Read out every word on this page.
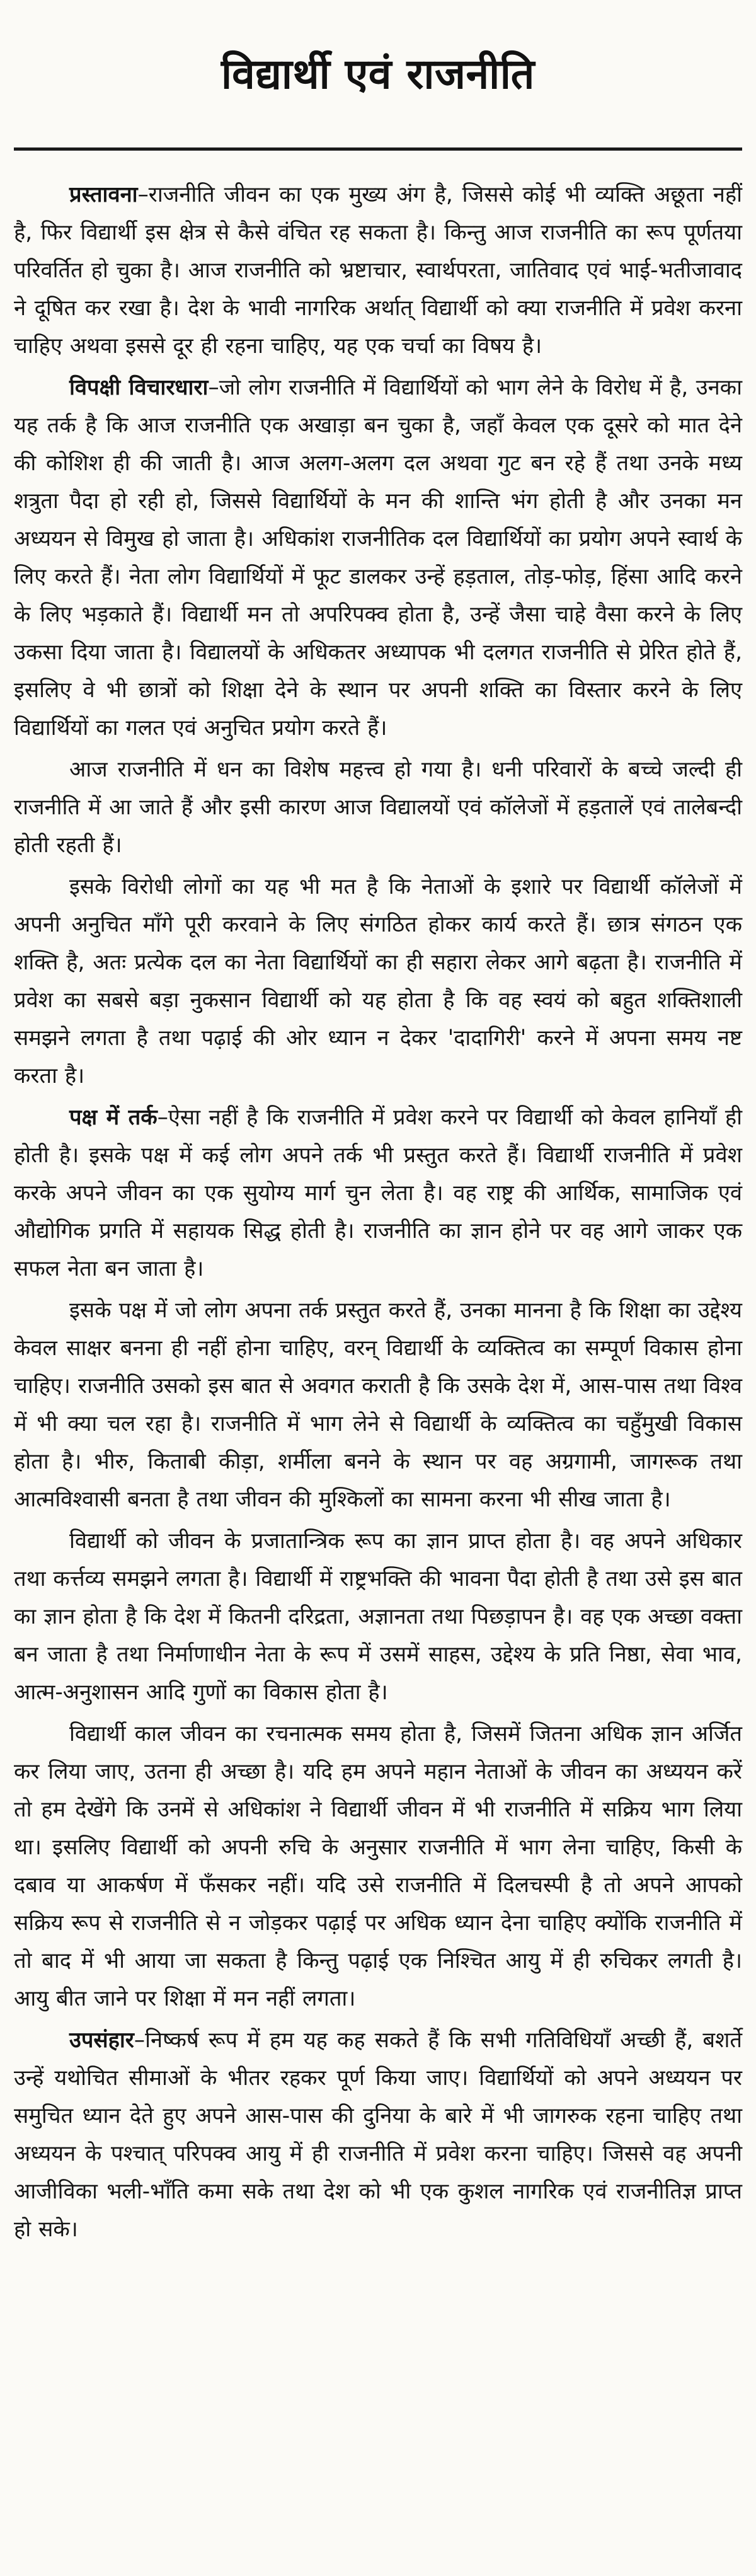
विद्यार्थी एवं राजनीति

प्रस्तावना–राजनीति जीवन का एक मुख्य अंग है, जिससे कोई भी व्यक्ति अछूता नहीं है, फिर विद्यार्थी इस क्षेत्र से कैसे वंचित रह सकता है। किन्तु आज राजनीति का रूप पूर्णतया परिवर्तित हो चुका है। आज राजनीति को भ्रष्टाचार, स्वार्थपरता, जातिवाद एवं भाई-भतीजावाद ने दूषित कर रखा है। देश के भावी नागरिक अर्थात् विद्यार्थी को क्या राजनीति में प्रवेश करना चाहिए अथवा इससे दूर ही रहना चाहिए, यह एक चर्चा का विषय है।

विपक्षी विचारधारा–जो लोग राजनीति में विद्यार्थियों को भाग लेने के विरोध में है, उनका यह तर्क है कि आज राजनीति एक अखाड़ा बन चुका है, जहाँ केवल एक दूसरे को मात देने की कोशिश ही की जाती है। आज अलग-अलग दल अथवा गुट बन रहे हैं तथा उनके मध्य शत्रुता पैदा हो रही हो, जिससे विद्यार्थियों के मन की शान्ति भंग होती है और उनका मन अध्ययन से विमुख हो जाता है। अधिकांश राजनीतिक दल विद्यार्थियों का प्रयोग अपने स्वार्थ के लिए करते हैं। नेता लोग विद्यार्थियों में फूट डालकर उन्हें हड़ताल, तोड़-फोड़, हिंसा आदि करने के लिए भड़काते हैं। विद्यार्थी मन तो अपरिपक्व होता है, उन्हें जैसा चाहे वैसा करने के लिए उकसा दिया जाता है। विद्यालयों के अधिकतर अध्यापक भी दलगत राजनीति से प्रेरित होते हैं, इसलिए वे भी छात्रों को शिक्षा देने के स्थान पर अपनी शक्ति का विस्तार करने के लिए विद्यार्थियों का गलत एवं अनुचित प्रयोग करते हैं।

आज राजनीति में धन का विशेष महत्त्व हो गया है। धनी परिवारों के बच्चे जल्दी ही राजनीति में आ जाते हैं और इसी कारण आज विद्यालयों एवं कॉलेजों में हड़तालें एवं तालेबन्दी होती रहती हैं।

इसके विरोधी लोगों का यह भी मत है कि नेताओं के इशारे पर विद्यार्थी कॉलेजों में अपनी अनुचित माँगे पूरी करवाने के लिए संगठित होकर कार्य करते हैं। छात्र संगठन एक शक्ति है, अतः प्रत्येक दल का नेता विद्यार्थियों का ही सहारा लेकर आगे बढ़ता है। राजनीति में प्रवेश का सबसे बड़ा नुकसान विद्यार्थी को यह होता है कि वह स्वयं को बहुत शक्तिशाली समझने लगता है तथा पढ़ाई की ओर ध्यान न देकर 'दादागिरी' करने में अपना समय नष्ट करता है।

पक्ष में तर्क–ऐसा नहीं है कि राजनीति में प्रवेश करने पर विद्यार्थी को केवल हानियाँ ही होती है। इसके पक्ष में कई लोग अपने तर्क भी प्रस्तुत करते हैं। विद्यार्थी राजनीति में प्रवेश करके अपने जीवन का एक सुयोग्य मार्ग चुन लेता है। वह राष्ट्र की आर्थिक, सामाजिक एवं औद्योगिक प्रगति में सहायक सिद्ध होती है। राजनीति का ज्ञान होने पर वह आगे जाकर एक सफल नेता बन जाता है।

इसके पक्ष में जो लोग अपना तर्क प्रस्तुत करते हैं, उनका मानना है कि शिक्षा का उद्देश्य केवल साक्षर बनना ही नहीं होना चाहिए, वरन् विद्यार्थी के व्यक्तित्व का सम्पूर्ण विकास होना चाहिए। राजनीति उसको इस बात से अवगत कराती है कि उसके देश में, आस-पास तथा विश्व में भी क्या चल रहा है। राजनीति में भाग लेने से विद्यार्थी के व्यक्तित्व का चहुँमुखी विकास होता है। भीरु, किताबी कीड़ा, शर्मीला बनने के स्थान पर वह अग्रगामी, जागरूक तथा आत्मविश्वासी बनता है तथा जीवन की मुश्किलों का सामना करना भी सीख जाता है।

विद्यार्थी को जीवन के प्रजातान्त्रिक रूप का ज्ञान प्राप्त होता है। वह अपने अधिकार तथा कर्त्तव्य समझने लगता है। विद्यार्थी में राष्ट्रभक्ति की भावना पैदा होती है तथा उसे इस बात का ज्ञान होता है कि देश में कितनी दरिद्रता, अज्ञानता तथा पिछड़ापन है। वह एक अच्छा वक्ता बन जाता है तथा निर्माणाधीन नेता के रूप में उसमें साहस, उद्देश्य के प्रति निष्ठा, सेवा भाव, आत्म-अनुशासन आदि गुणों का विकास होता है।

विद्यार्थी काल जीवन का रचनात्मक समय होता है, जिसमें जितना अधिक ज्ञान अर्जित कर लिया जाए, उतना ही अच्छा है। यदि हम अपने महान नेताओं के जीवन का अध्ययन करें तो हम देखेंगे कि उनमें से अधिकांश ने विद्यार्थी जीवन में भी राजनीति में सक्रिय भाग लिया था। इसलिए विद्यार्थी को अपनी रुचि के अनुसार राजनीति में भाग लेना चाहिए, किसी के दबाव या आकर्षण में फँसकर नहीं। यदि उसे राजनीति में दिलचस्पी है तो अपने आपको सक्रिय रूप से राजनीति से न जोड़कर पढ़ाई पर अधिक ध्यान देना चाहिए क्योंकि राजनीति में तो बाद में भी आया जा सकता है किन्तु पढ़ाई एक निश्चित आयु में ही रुचिकर लगती है। आयु बीत जाने पर शिक्षा में मन नहीं लगता।

उपसंहार–निष्कर्ष रूप में हम यह कह सकते हैं कि सभी गतिविधियाँ अच्छी हैं, बशर्ते उन्हें यथोचित सीमाओं के भीतर रहकर पूर्ण किया जाए। विद्यार्थियों को अपने अध्ययन पर समुचित ध्यान देते हुए अपने आस-पास की दुनिया के बारे में भी जागरुक रहना चाहिए तथा अध्ययन के पश्चात् परिपक्व आयु में ही राजनीति में प्रवेश करना चाहिए। जिससे वह अपनी आजीविका भली-भाँति कमा सके तथा देश को भी एक कुशल नागरिक एवं राजनीतिज्ञ प्राप्त हो सके।
